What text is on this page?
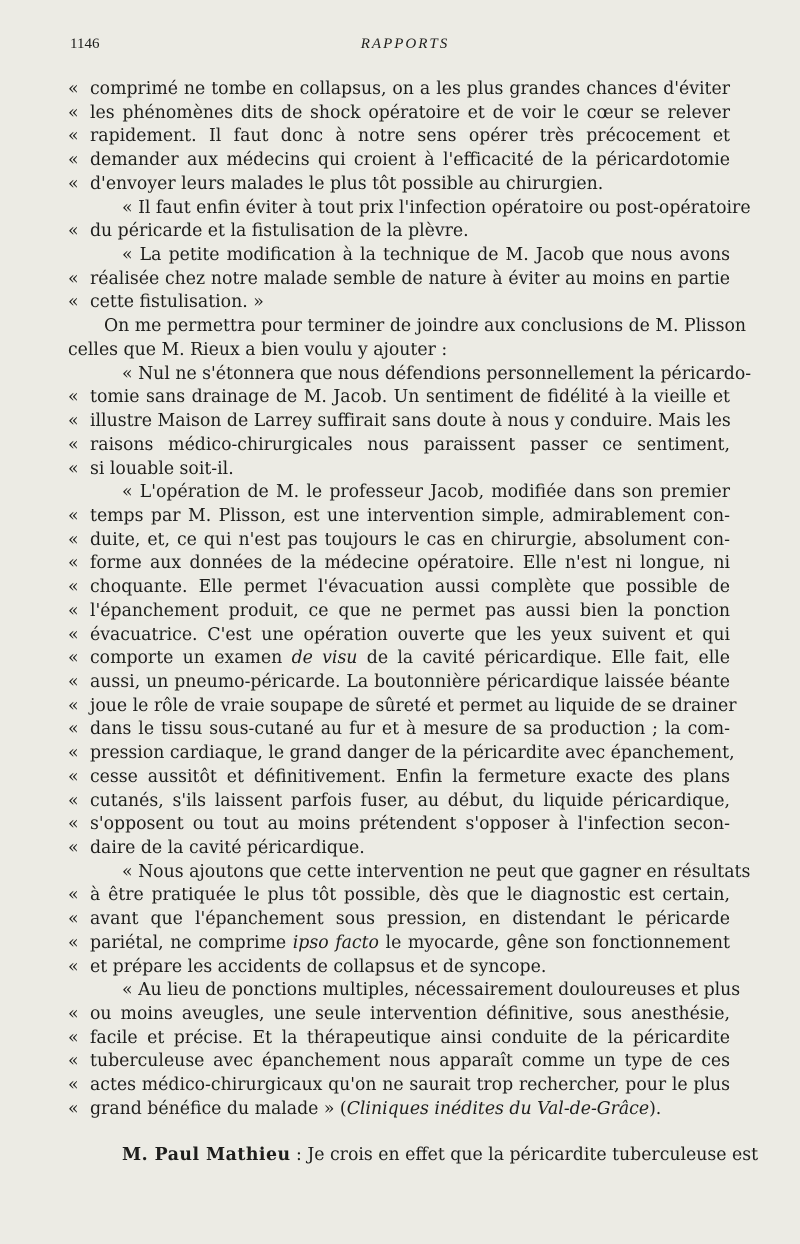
1146	RAPPORTS
« comprimé ne tombe en collapsus, on a les plus grandes chances d'éviter
« les phénomènes dits de shock opératoire et de voir le cœur se relever
« rapidement. Il faut donc à notre sens opérer très précocement et
« demander aux médecins qui croient à l'efficacité de la péricardotomie
« d'envoyer leurs malades le plus tôt possible au chirurgien.
« Il faut enfin éviter à tout prix l'infection opératoire ou post-opératoire
« du péricarde et la fistulisation de la plèvre.
« La petite modification à la technique de M. Jacob que nous avons
« réalisée chez notre malade semble de nature à éviter au moins en partie
« cette fistulisation. »
On me permettra pour terminer de joindre aux conclusions de M. Plisson
celles que M. Rieux a bien voulu y ajouter :
« Nul ne s'étonnera que nous défendions personnellement la péricardo-
« tomie sans drainage de M. Jacob. Un sentiment de fidélité à la vieille et
« illustre Maison de Larrey suffirait sans doute à nous y conduire. Mais les
« raisons médico-chirurgicales nous paraissent passer ce sentiment,
« si louable soit-il.
« L'opération de M. le professeur Jacob, modifiée dans son premier
« temps par M. Plisson, est une intervention simple, admirablement con-
« duite, et, ce qui n'est pas toujours le cas en chirurgie, absolument con-
« forme aux données de la médecine opératoire. Elle n'est ni longue, ni
« choquante. Elle permet l'évacuation aussi complète que possible de
« l'épanchement produit, ce que ne permet pas aussi bien la ponction
« évacuatrice. C'est une opération ouverte que les yeux suivent et qui
« comporte un examen de visu de la cavité péricardique. Elle fait, elle
« aussi, un pneumo-péricarde. La boutonnière péricardique laissée béante
« joue le rôle de vraie soupape de sûreté et permet au liquide de se drainer
« dans le tissu sous-cutané au fur et à mesure de sa production ; la com-
« pression cardiaque, le grand danger de la péricardite avec épanchement,
« cesse aussitôt et définitivement. Enfin la fermeture exacte des plans
« cutanés, s'ils laissent parfois fuser, au début, du liquide péricardique,
« s'opposent ou tout au moins prétendent s'opposer à l'infection secon-
« daire de la cavité péricardique.
« Nous ajoutons que cette intervention ne peut que gagner en résultats
« à être pratiquée le plus tôt possible, dès que le diagnostic est certain,
« avant que l'épanchement sous pression, en distendant le péricarde
« pariétal, ne comprime ipso facto le myocarde, gêne son fonctionnement
« et prépare les accidents de collapsus et de syncope.
« Au lieu de ponctions multiples, nécessairement douloureuses et plus
« ou moins aveugles, une seule intervention définitive, sous anesthésie,
« facile et précise. Et la thérapeutique ainsi conduite de la péricardite
« tuberculeuse avec épanchement nous apparaît comme un type de ces
« actes médico-chirurgicaux qu'on ne saurait trop rechercher, pour le plus
« grand bénéfice du malade » (Cliniques inédites du Val-de-Grâce).
M. Paul Mathieu : Je crois en effet que la péricardite tuberculeuse est
